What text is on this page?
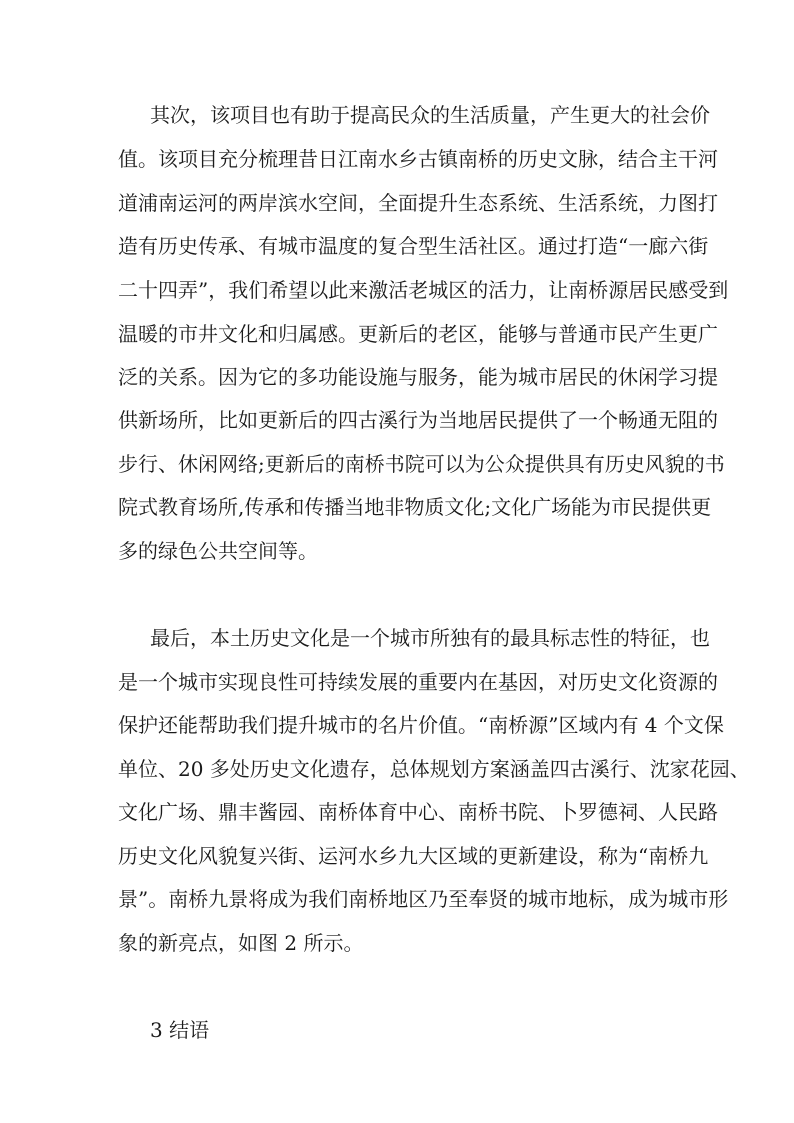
其次，该项目也有助于提高民众的生活质量，产生更大的社会价
值。该项目充分梳理昔日江南水乡古镇南桥的历史文脉，结合主干河
道浦南运河的两岸滨水空间，全面提升生态系统、生活系统，力图打
造有历史传承、有城市温度的复合型生活社区。通过打造“一廊六街
二十四弄”，我们希望以此来激活老城区的活力，让南桥源居民感受到
温暖的市井文化和归属感。更新后的老区，能够与普通市民产生更广
泛的关系。因为它的多功能设施与服务，能为城市居民的休闲学习提
供新场所，比如更新后的四古溪行为当地居民提供了一个畅通无阻的
步行、休闲网络;更新后的南桥书院可以为公众提供具有历史风貌的书
院式教育场所,传承和传播当地非物质文化;文化广场能为市民提供更
多的绿色公共空间等。
最后，本土历史文化是一个城市所独有的最具标志性的特征，也
是一个城市实现良性可持续发展的重要内在基因，对历史文化资源的
保护还能帮助我们提升城市的名片价值。“南桥源”区域内有 4 个文保
单位、20 多处历史文化遗存，总体规划方案涵盖四古溪行、沈家花园、
文化广场、鼎丰酱园、南桥体育中心、南桥书院、卜罗德祠、人民路
历史文化风貌复兴街、运河水乡九大区域的更新建设，称为“南桥九
景”。南桥九景将成为我们南桥地区乃至奉贤的城市地标，成为城市形
象的新亮点，如图 2 所示。
3 结语
